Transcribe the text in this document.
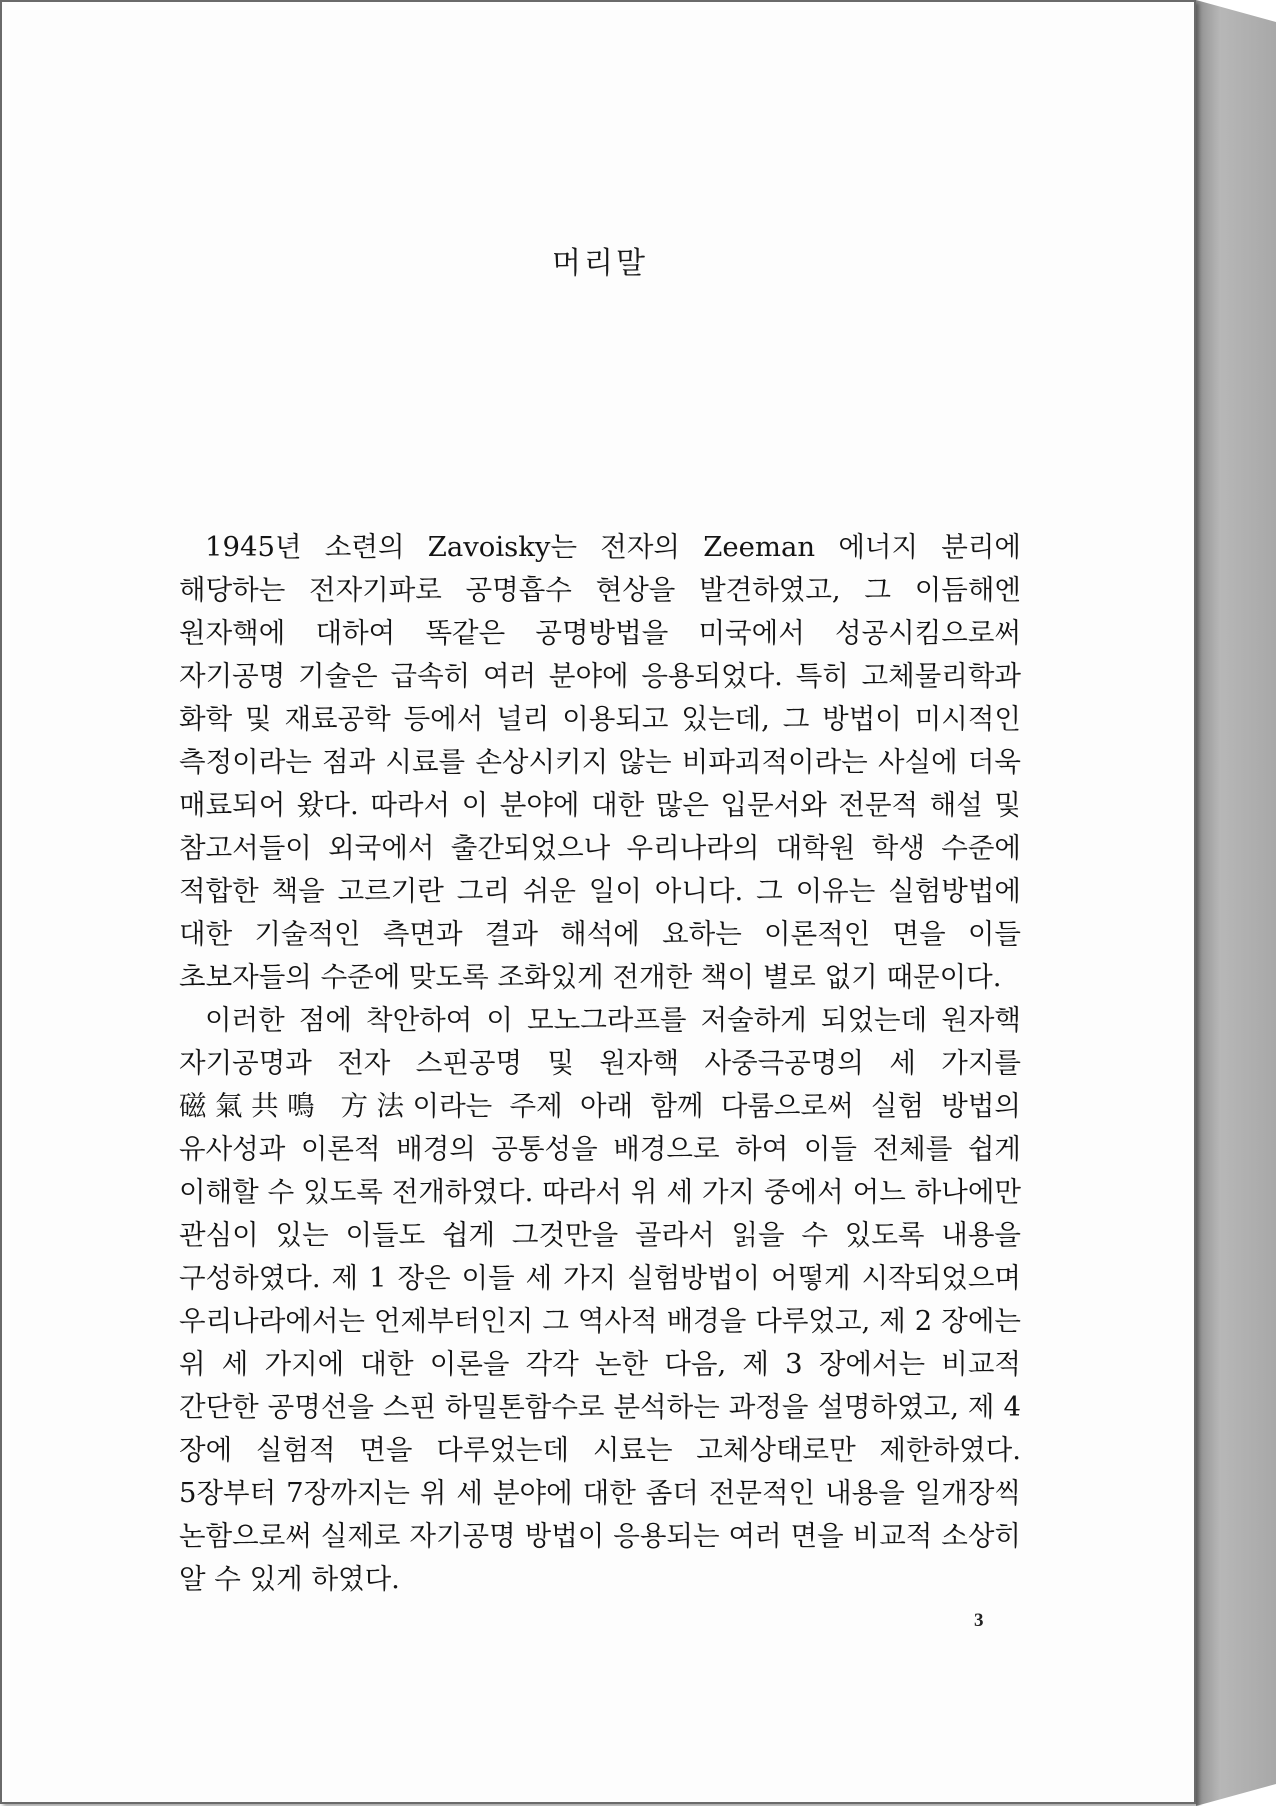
머리말

1945년 소련의 Zavoisky는 전자의 Zeeman 에너지 분리에 해당하는 전자기파로 공명흡수 현상을 발견하였고, 그 이듬해엔 원자핵에 대하여 똑같은 공명방법을 미국에서 성공시킴으로써 자기공명 기술은 급속히 여러 분야에 응용되었다. 특히 고체물리학과 화학 및 재료공학 등에서 널리 이용되고 있는데, 그 방법이 미시적인 측정이라는 점과 시료를 손상시키지 않는 비파괴적이라는 사실에 더욱 매료되어 왔다. 따라서 이 분야에 대한 많은 입문서와 전문적 해설 및 참고서들이 외국에서 출간되었으나 우리나라의 대학원 학생 수준에 적합한 책을 고르기란 그리 쉬운 일이 아니다. 그 이유는 실험방법에 대한 기술적인 측면과 결과 해석에 요하는 이론적인 면을 이들 초보자들의 수준에 맞도록 조화있게 전개한 책이 별로 없기 때문이다.

이러한 점에 착안하여 이 모노그라프를 저술하게 되었는데 원자핵 자기공명과 전자 스핀공명 및 원자핵 사중극공명의 세 가지를 磁氣共鳴 方法이라는 주제 아래 함께 다룸으로써 실험 방법의 유사성과 이론적 배경의 공통성을 배경으로 하여 이들 전체를 쉽게 이해할 수 있도록 전개하였다. 따라서 위 세 가지 중에서 어느 하나에만 관심이 있는 이들도 쉽게 그것만을 골라서 읽을 수 있도록 내용을 구성하였다. 제 1 장은 이들 세 가지 실험방법이 어떻게 시작되었으며 우리나라에서는 언제부터인지 그 역사적 배경을 다루었고, 제 2 장에는 위 세 가지에 대한 이론을 각각 논한 다음, 제 3 장에서는 비교적 간단한 공명선을 스핀 하밀톤함수로 분석하는 과정을 설명하였고, 제 4 장에 실험적 면을 다루었는데 시료는 고체상태로만 제한하였다. 5장부터 7장까지는 위 세 분야에 대한 좀더 전문적인 내용을 일개장씩 논함으로써 실제로 자기공명 방법이 응용되는 여러 면을 비교적 소상히 알 수 있게 하였다.

3
